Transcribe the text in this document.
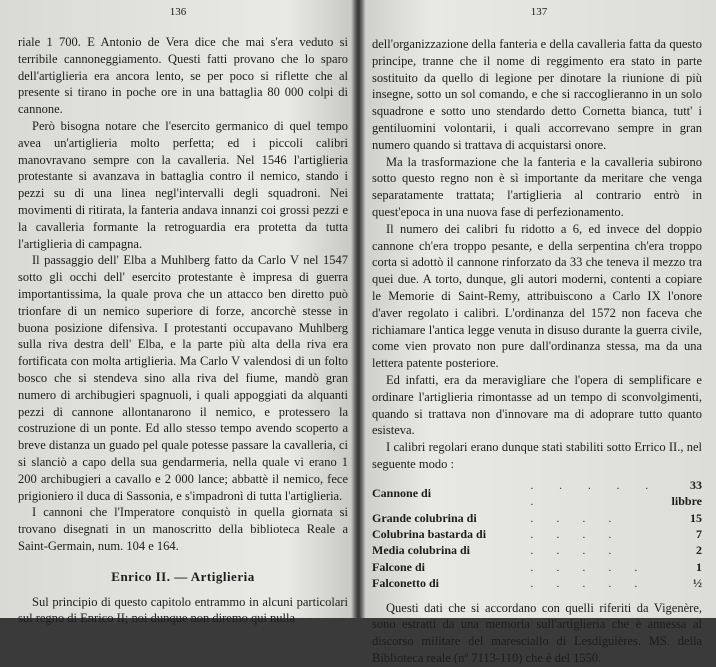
136

riale 1 700. E Antonio de Vera dice che mai s'era veduto si terribile cannoneggiamento. Questi fatti provano che lo sparo dell'artiglieria era ancora lento, se per poco si riflette che al presente si tirano in poche ore in una battaglia 80 000 colpi di cannone.

Però bisogna notare che l'esercito germanico di quel tempo avea un'artiglieria molto perfetta; ed i piccoli calibri manovravano sempre con la cavalleria. Nel 1546 l'artiglieria protestante si avanzava in battaglia contro il nemico, stando i pezzi su di una linea negl'intervalli degli squadroni. Nei movimenti di ritirata, la fanteria andava innanzi coi grossi pezzi e la cavalleria formante la retroguardia era protetta da tutta l'artiglieria di campagna.

Il passaggio dell' Elba a Muhlberg fatto da Carlo V nel 1547 sotto gli occhi dell' esercito protestante è impresa di guerra importantissima, la quale prova che un attacco ben diretto può trionfare di un nemico superiore di forze, ancorchè stesse in buona posizione difensiva. I protestanti occupavano Muhlberg sulla riva destra dell' Elba, e la parte più alta della riva era fortificata con molta artiglieria. Ma Carlo V valendosi di un folto bosco che si stendeva sino alla riva del fiume, mandò gran numero di archibugieri spagnuoli, i quali appoggiati da alquanti pezzi di cannone allontanarono il nemico, e protessero la costruzione di un ponte. Ed allo stesso tempo avendo scoperto a breve distanza un guado pel quale potesse passare la cavalleria, ci si slanciò a capo della sua gendarmeria, nella quale vi erano 1 200 archibugieri a cavallo e 2 000 lance; abbattè il nemico, fece prigioniero il duca di Sassonia, e s'impadronì di tutta l'artiglieria.

I cannoni che l'Imperatore conquistò in quella giornata si trovano disegnati in un manoscritto della biblioteca Reale a Saint-Germain, num. 104 e 164.

Enrico II. — Artiglieria

Sul principio di questo capitolo entrammo in alcuni particolari sul regno di Enrico II; noi dunque non diremo qui nulla

137

dell'organizzazione della fanteria e della cavalleria fatta da questo principe, tranne che il nome di reggimento era stato in parte sostituito da quello di legione per dinotare la riunione di più insegne, sotto un sol comando, e che si raccoglieranno in un solo squadrone e sotto uno stendardo detto Cornetta bianca, tutt' i gentiluomini volontarii, i quali accorrevano sempre in gran numero quando si trattava di acquistarsi onore.

Ma la trasformazione che la fanteria e la cavalleria subirono sotto questo regno non è sì importante da meritare che venga separatamente trattata; l'artiglieria al contrario entrò in quest'epoca in una nuova fase di perfezionamento.

Il numero dei calibri fu ridotto a 6, ed invece del doppio cannone ch'era troppo pesante, e della serpentina ch'era troppo corta si adottò il cannone rinforzato da 33 che teneva il mezzo tra quei due. A torto, dunque, gli autori moderni, contenti a copiare le Memorie di Saint-Remy, attribuiscono a Carlo IX l'onore d'aver regolato i calibri. L'ordinanza del 1572 non faceva che richiamare l'antica legge venuta in disuso durante la guerra civile, come vien provato non pure dall'ordinanza stessa, ma da una lettera patente posteriore.

Ed infatti, era da meravigliare che l'opera di semplificare e ordinare l'artiglieria rimontasse ad un tempo di sconvolgimenti, quando si trattava non d'innovare ma di adoprare tutto quanto esisteva.

I calibri regolari erano dunque stati stabiliti sotto Errico II., nel seguente modo :

Cannone di	. . . . . .	33 libbre
Grande colubrina di	. . . .	15
Colubrina bastarda di	. . . .	7
Media colubrina di	. . . .	2
Falcone di	. . . . .	1
Falconetto di	. . . . .	½

Questi dati che si accordano con quelli riferiti da Vigenère, sono estratti da una memoria sull'artiglieria che è annessa al discorso militare del maresciallo di Lesdiguières. MS. della Biblioteca reale (nº 7113-110) che è del 1550.
